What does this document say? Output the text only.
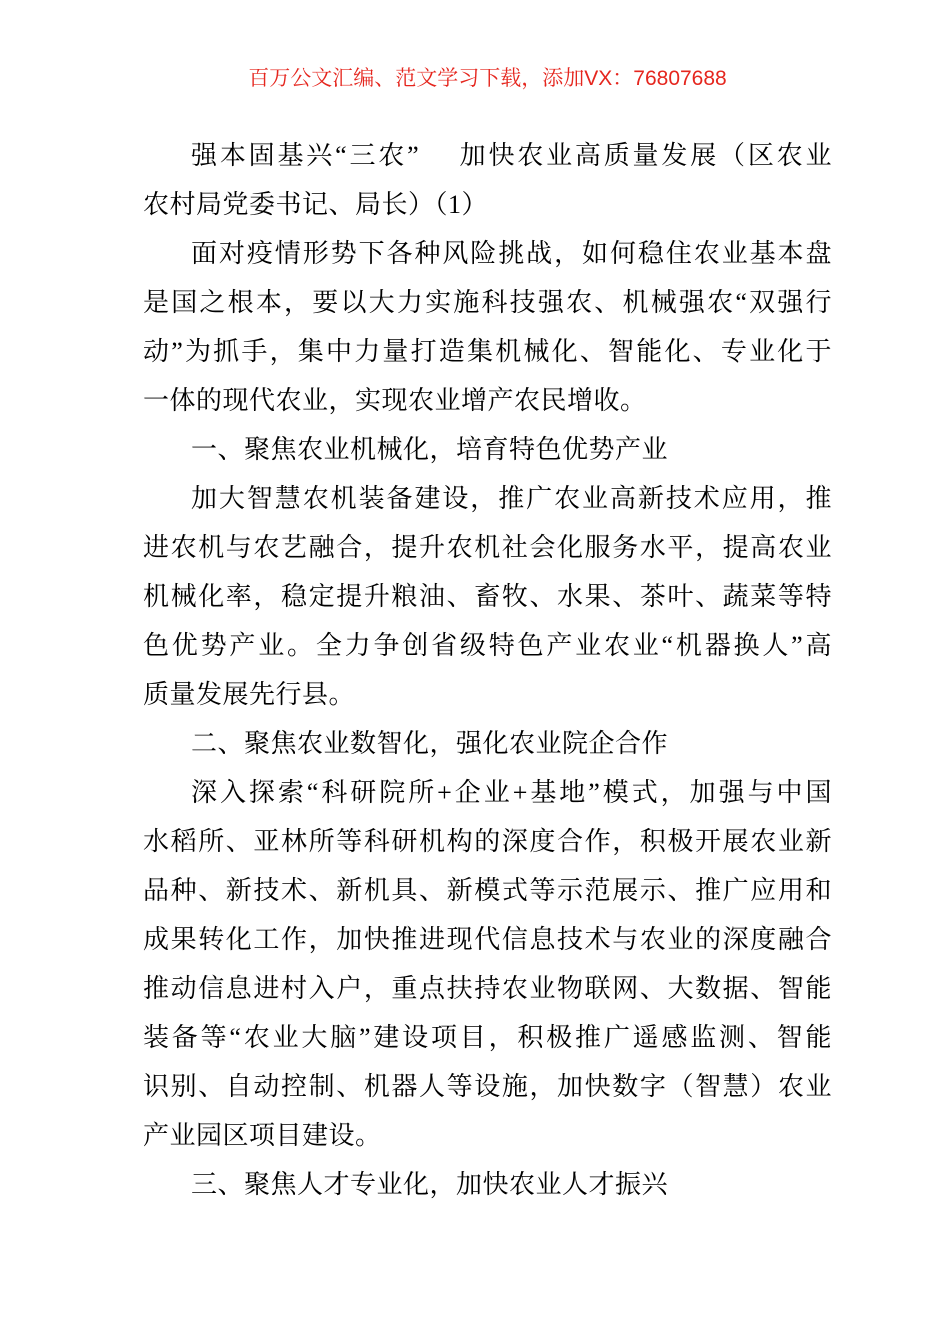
百万公文汇编、范文学习下载，添加VX：76807688
强本固基兴“三农”　 加快农业高质量发展（区农业
农村局党委书记、局长）（1）
面对疫情形势下各种风险挑战，如何稳住农业基本盘
是国之根本，要以大力实施科技强农、机械强农“双强行
动”为抓手，集中力量打造集机械化、智能化、专业化于
一体的现代农业，实现农业增产农民增收。
一、聚焦农业机械化，培育特色优势产业
加大智慧农机装备建设，推广农业高新技术应用，推
进农机与农艺融合，提升农机社会化服务水平，提高农业
机械化率，稳定提升粮油、畜牧、水果、茶叶、蔬菜等特
色优势产业。全力争创省级特色产业农业“机器换人”高
质量发展先行县。
二、聚焦农业数智化，强化农业院企合作
深入探索“科研院所+企业+基地”模式，加强与中国
水稻所、亚林所等科研机构的深度合作，积极开展农业新
品种、新技术、新机具、新模式等示范展示、推广应用和
成果转化工作，加快推进现代信息技术与农业的深度融合
推动信息进村入户，重点扶持农业物联网、大数据、智能
装备等“农业大脑”建设项目，积极推广遥感监测、智能
识别、自动控制、机器人等设施，加快数字（智慧）农业
产业园区项目建设。
三、聚焦人才专业化，加快农业人才振兴
